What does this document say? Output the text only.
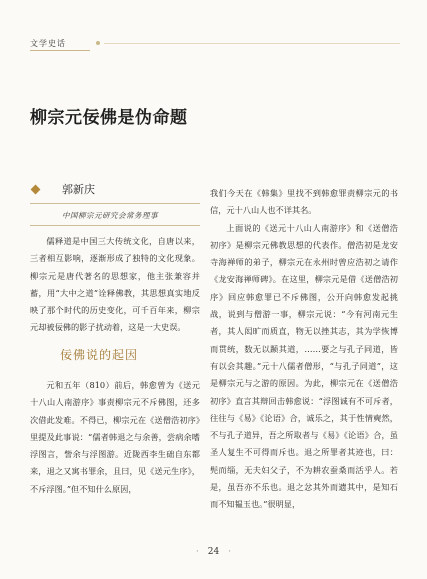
文学史话
柳宗元佞佛是伪命题
郭新庆
中国柳宗元研究会常务理事

儒释道是中国三大传统文化，自唐以来，三者相互影响，逐渐形成了独特的文化现象。柳宗元是唐代著名的思想家，他主张兼容并蓄，用“大中之道”诠释佛教，其思想真实地反映了那个时代的历史变化，可千百年来，柳宗元却被佞佛的影子扰动着，这是一大史误。

佞佛说的起因

元和五年（810）前后，韩愈曾为《送元十八山人南游序》事责柳宗元不斥佛图，还多次借此发难。不得已，柳宗元在《送僧浩初序》里提及此事说：“儒者韩退之与余善，尝病余嗜浮图言，訾余与浮图游。近陇西李生础自东都来，退之又寓书罪余，且曰，见《送元生序》，不斥浮图。”但不知什么原因，

我们今天在《韩集》里找不到韩愈罪责柳宗元的书信，元十八山人也不详其名。

上面说的《送元十八山人南游序》和《送僧浩初序》是柳宗元佛教思想的代表作。僧浩初是龙安寺海禅师的弟子，柳宗元在永州时曾应浩初之请作《龙安海禅师碑》。在这里，柳宗元是借《送僧浩初序》回应韩愈罪已不斥佛图，公开向韩愈发起挑战，说到与僧游一事，柳宗元说：“今有河南元生者，其人闳旷而质直，物无以挫其志，其为学恢博而贯统，数无以踬其道，……要之与孔子同道，皆有以会其趣。”元十八儒者僧形，“与孔子同道”，这是柳宗元与之游的原因。为此，柳宗元在《送僧浩初序》直言其辩回击韩愈说：“浮图诚有不可斥者，往往与《易》《论语》合，诚乐之，其于性情奭然，不与孔子道异，吾之所取者与《易》《论语》合，虽圣人复生不可得而斥也。退之所罪者其迹也，曰：髡而缁，无夫妇父子，不为耕农蚕桑而活乎人。若是，虽吾亦不乐也。退之忿其外而遗其中，是知石而不知韫玉也。”很明显，

· 24 ·
